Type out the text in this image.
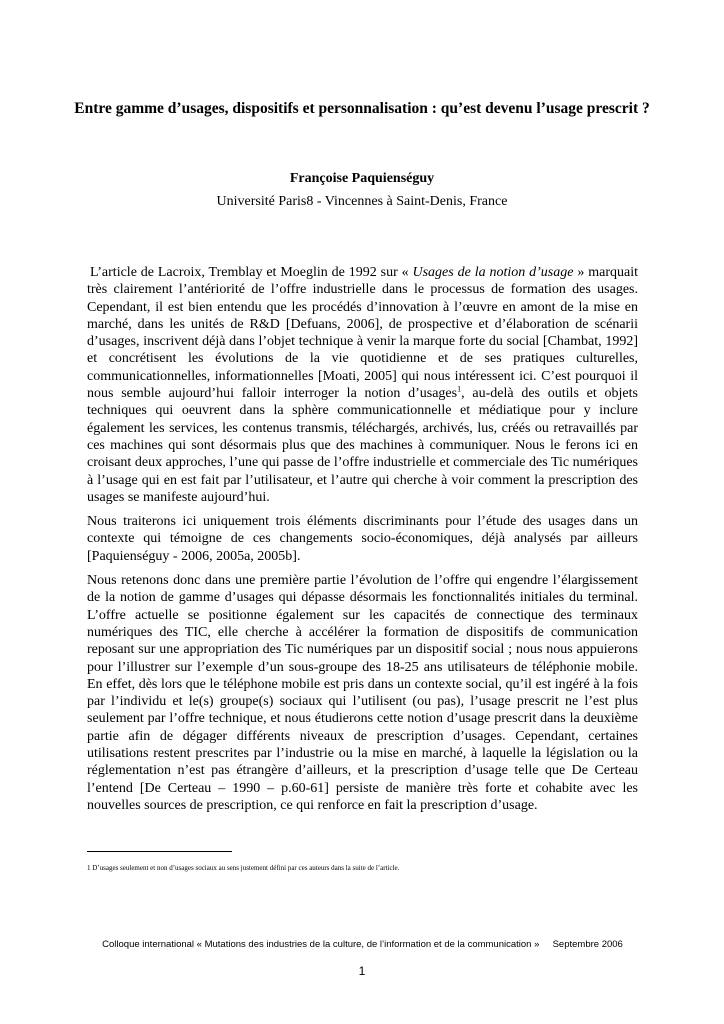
Entre gamme d’usages, dispositifs et personnalisation : qu’est devenu l’usage prescrit ?
Françoise Paquienséguy
Université Paris8 - Vincennes à Saint-Denis, France

L’article de Lacroix, Tremblay et Moeglin de 1992 sur « Usages de la notion d’usage » marquait très clairement l’antériorité de l’offre industrielle dans le processus de formation des usages. Cependant, il est bien entendu que les procédés d’innovation à l’œuvre en amont de la mise en marché, dans les unités de R&D [Defuans, 2006], de prospective et d’élaboration de scénarii d’usages, inscrivent déjà dans l’objet technique à venir la marque forte du social [Chambat, 1992] et concrétisent les évolutions de la vie quotidienne et de ses pratiques culturelles, communicationnelles, informationnelles [Moati, 2005] qui nous intéressent ici. C’est pourquoi il nous semble aujourd’hui falloir interroger la notion d’usages$^1$, au-delà des outils et objets techniques qui oeuvrent dans la sphère communicationnelle et médiatique pour y inclure également les services, les contenus transmis, téléchargés, archivés, lus, créés ou retravaillés par ces machines qui sont désormais plus que des machines à communiquer. Nous le ferons ici en croisant deux approches, l’une qui passe de l’offre industrielle et commerciale des Tic numériques à l’usage qui en est fait par l’utilisateur, et l’autre qui cherche à voir comment la prescription des usages se manifeste aujourd’hui.

Nous traiterons ici uniquement trois éléments discriminants pour l’étude des usages dans un contexte qui témoigne de ces changements socio-économiques, déjà analysés par ailleurs [Paquienséguy - 2006, 2005a, 2005b].

Nous retenons donc dans une première partie l’évolution de l’offre qui engendre l’élargissement de la notion de gamme d’usages qui dépasse désormais les fonctionnalités initiales du terminal. L’offre actuelle se positionne également sur les capacités de connectique des terminaux numériques des TIC, elle cherche à accélérer la formation de dispositifs de communication reposant sur une appropriation des Tic numériques par un dispositif social ; nous nous appuierons pour l’illustrer sur l’exemple d’un sous-groupe des 18-25 ans utilisateurs de téléphonie mobile. En effet, dès lors que le téléphone mobile est pris dans un contexte social, qu’il est ingéré à la fois par l’individu et le(s) groupe(s) sociaux qui l’utilisent (ou pas), l’usage prescrit ne l’est plus seulement par l’offre technique, et nous étudierons cette notion d’usage prescrit dans la deuxième partie afin de dégager différents niveaux de prescription d’usages. Cependant, certaines utilisations restent prescrites par l’industrie ou la mise en marché, à laquelle la législation ou la réglementation n’est pas étrangère d’ailleurs, et la prescription d’usage telle que De Certeau l’entend [De Certeau – 1990 – p.60-61] persiste de manière très forte et cohabite avec les nouvelles sources de prescription, ce qui renforce en fait la prescription d’usage.

1 D’usages seulement et non d’usages sociaux au sens justement défini par ces auteurs dans la suite de l’article.
Colloque international « Mutations des industries de la culture, de l’information et de la communication » Septembre 2006
1
